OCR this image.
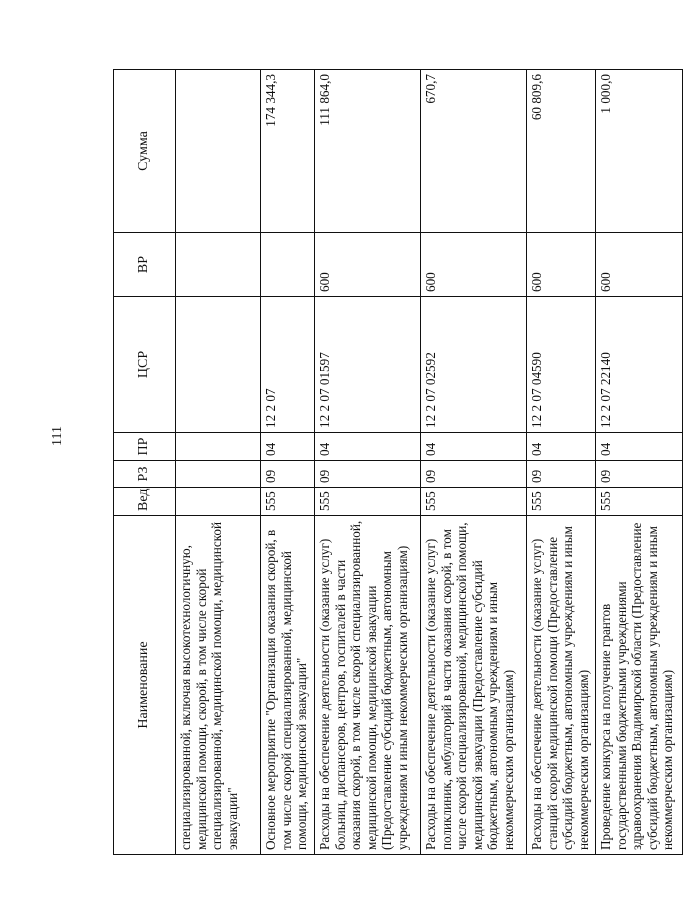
111
Наименование	Вед	РЗ	ПР	ЦСР	ВР	Сумма
специализированной, включая высокотехнологичную, медицинской помощи, скорой, в том числе скорой специализированной, медицинской помощи, медицинской эвакуации"						
Основное мероприятие "Организация оказания скорой, в том числе скорой специализированной, медицинской помощи, медицинской эвакуации"	555	09	04	12 2 07		174 344,3
Расходы на обеспечение деятельности (оказание услуг) больниц, диспансеров, центров, госпиталей в части оказания скорой, в том числе скорой специализированной, медицинской помощи, медицинской эвакуации (Предоставление субсидий бюджетным, автономным учреждениям и иным некоммерческим организациям)	555	09	04	12 2 07 01597	600	111 864,0
Расходы на обеспечение деятельности (оказание услуг) поликлиник, амбулаторий в части оказания скорой, в том числе скорой специализированной, медицинской помощи, медицинской эвакуации (Предоставление субсидий бюджетным, автономным учреждениям и иным некоммерческим организациям)	555	09	04	12 2 07 02592	600	670,7
Расходы на обеспечение деятельности (оказание услуг) станций скорой медицинской помощи (Предоставление субсидий бюджетным, автономным учреждениям и иным некоммерческим организациям)	555	09	04	12 2 07 04590	600	60 809,6
Проведение конкурса на получение грантов государственными бюджетными учреждениями здравоохранения Владимирской области (Предоставление субсидий бюджетным, автономным учреждениям и иным некоммерческим организациям)	555	09	04	12 2 07 22140	600	1 000,0
